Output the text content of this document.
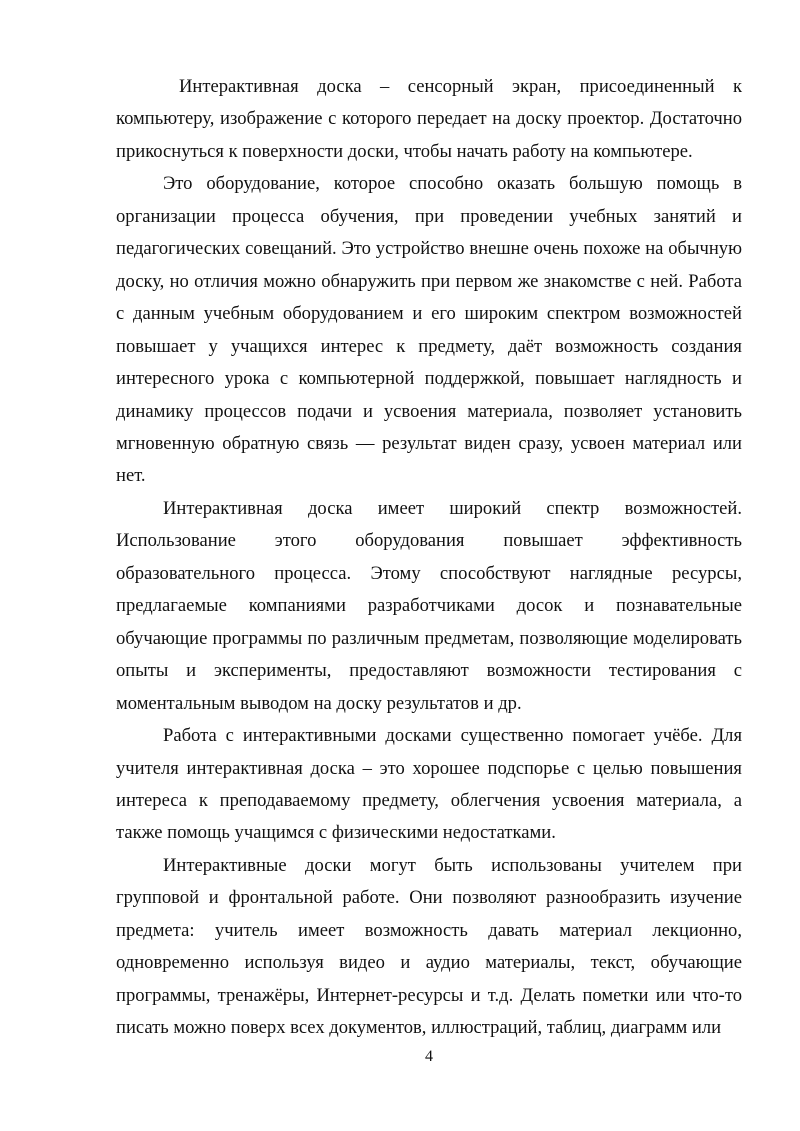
Интерактивная доска – сенсорный экран, присоединенный к компьютеру, изображение с которого передает на доску проектор. Достаточно прикоснуться к поверхности доски, чтобы начать работу на компьютере.

Это оборудование, которое способно оказать большую помощь в организации процесса обучения, при проведении учебных занятий и педагогических совещаний. Это устройство внешне очень похоже на обычную доску, но отличия можно обнаружить при первом же знакомстве с ней. Работа с данным учебным оборудованием и его широким спектром возможностей повышает у учащихся интерес к предмету, даёт возможность создания интересного урока с компьютерной поддержкой, повышает наглядность и динамику процессов подачи и усвоения материала, позволяет установить мгновенную обратную связь — результат виден сразу, усвоен материал или нет.

Интерактивная доска имеет широкий спектр возможностей. Использование этого оборудования повышает эффективность образовательного процесса. Этому способствуют наглядные ресурсы, предлагаемые компаниями разработчиками досок и познавательные обучающие программы по различным предметам, позволяющие моделировать опыты и эксперименты, предоставляют возможности тестирования с моментальным выводом на доску результатов и др.

Работа с интерактивными досками существенно помогает учёбе. Для учителя интерактивная доска – это хорошее подспорье с целью повышения интереса к преподаваемому предмету, облегчения усвоения материала, а также помощь учащимся с физическими недостатками.

Интерактивные доски могут быть использованы учителем при групповой и фронтальной работе. Они позволяют разнообразить изучение предмета: учитель имеет возможность давать материал лекционно, одновременно используя видео и аудио материалы, текст, обучающие программы, тренажёры, Интернет-ресурсы и т.д. Делать пометки или что-то писать можно поверх всех документов, иллюстраций, таблиц, диаграмм или

4
